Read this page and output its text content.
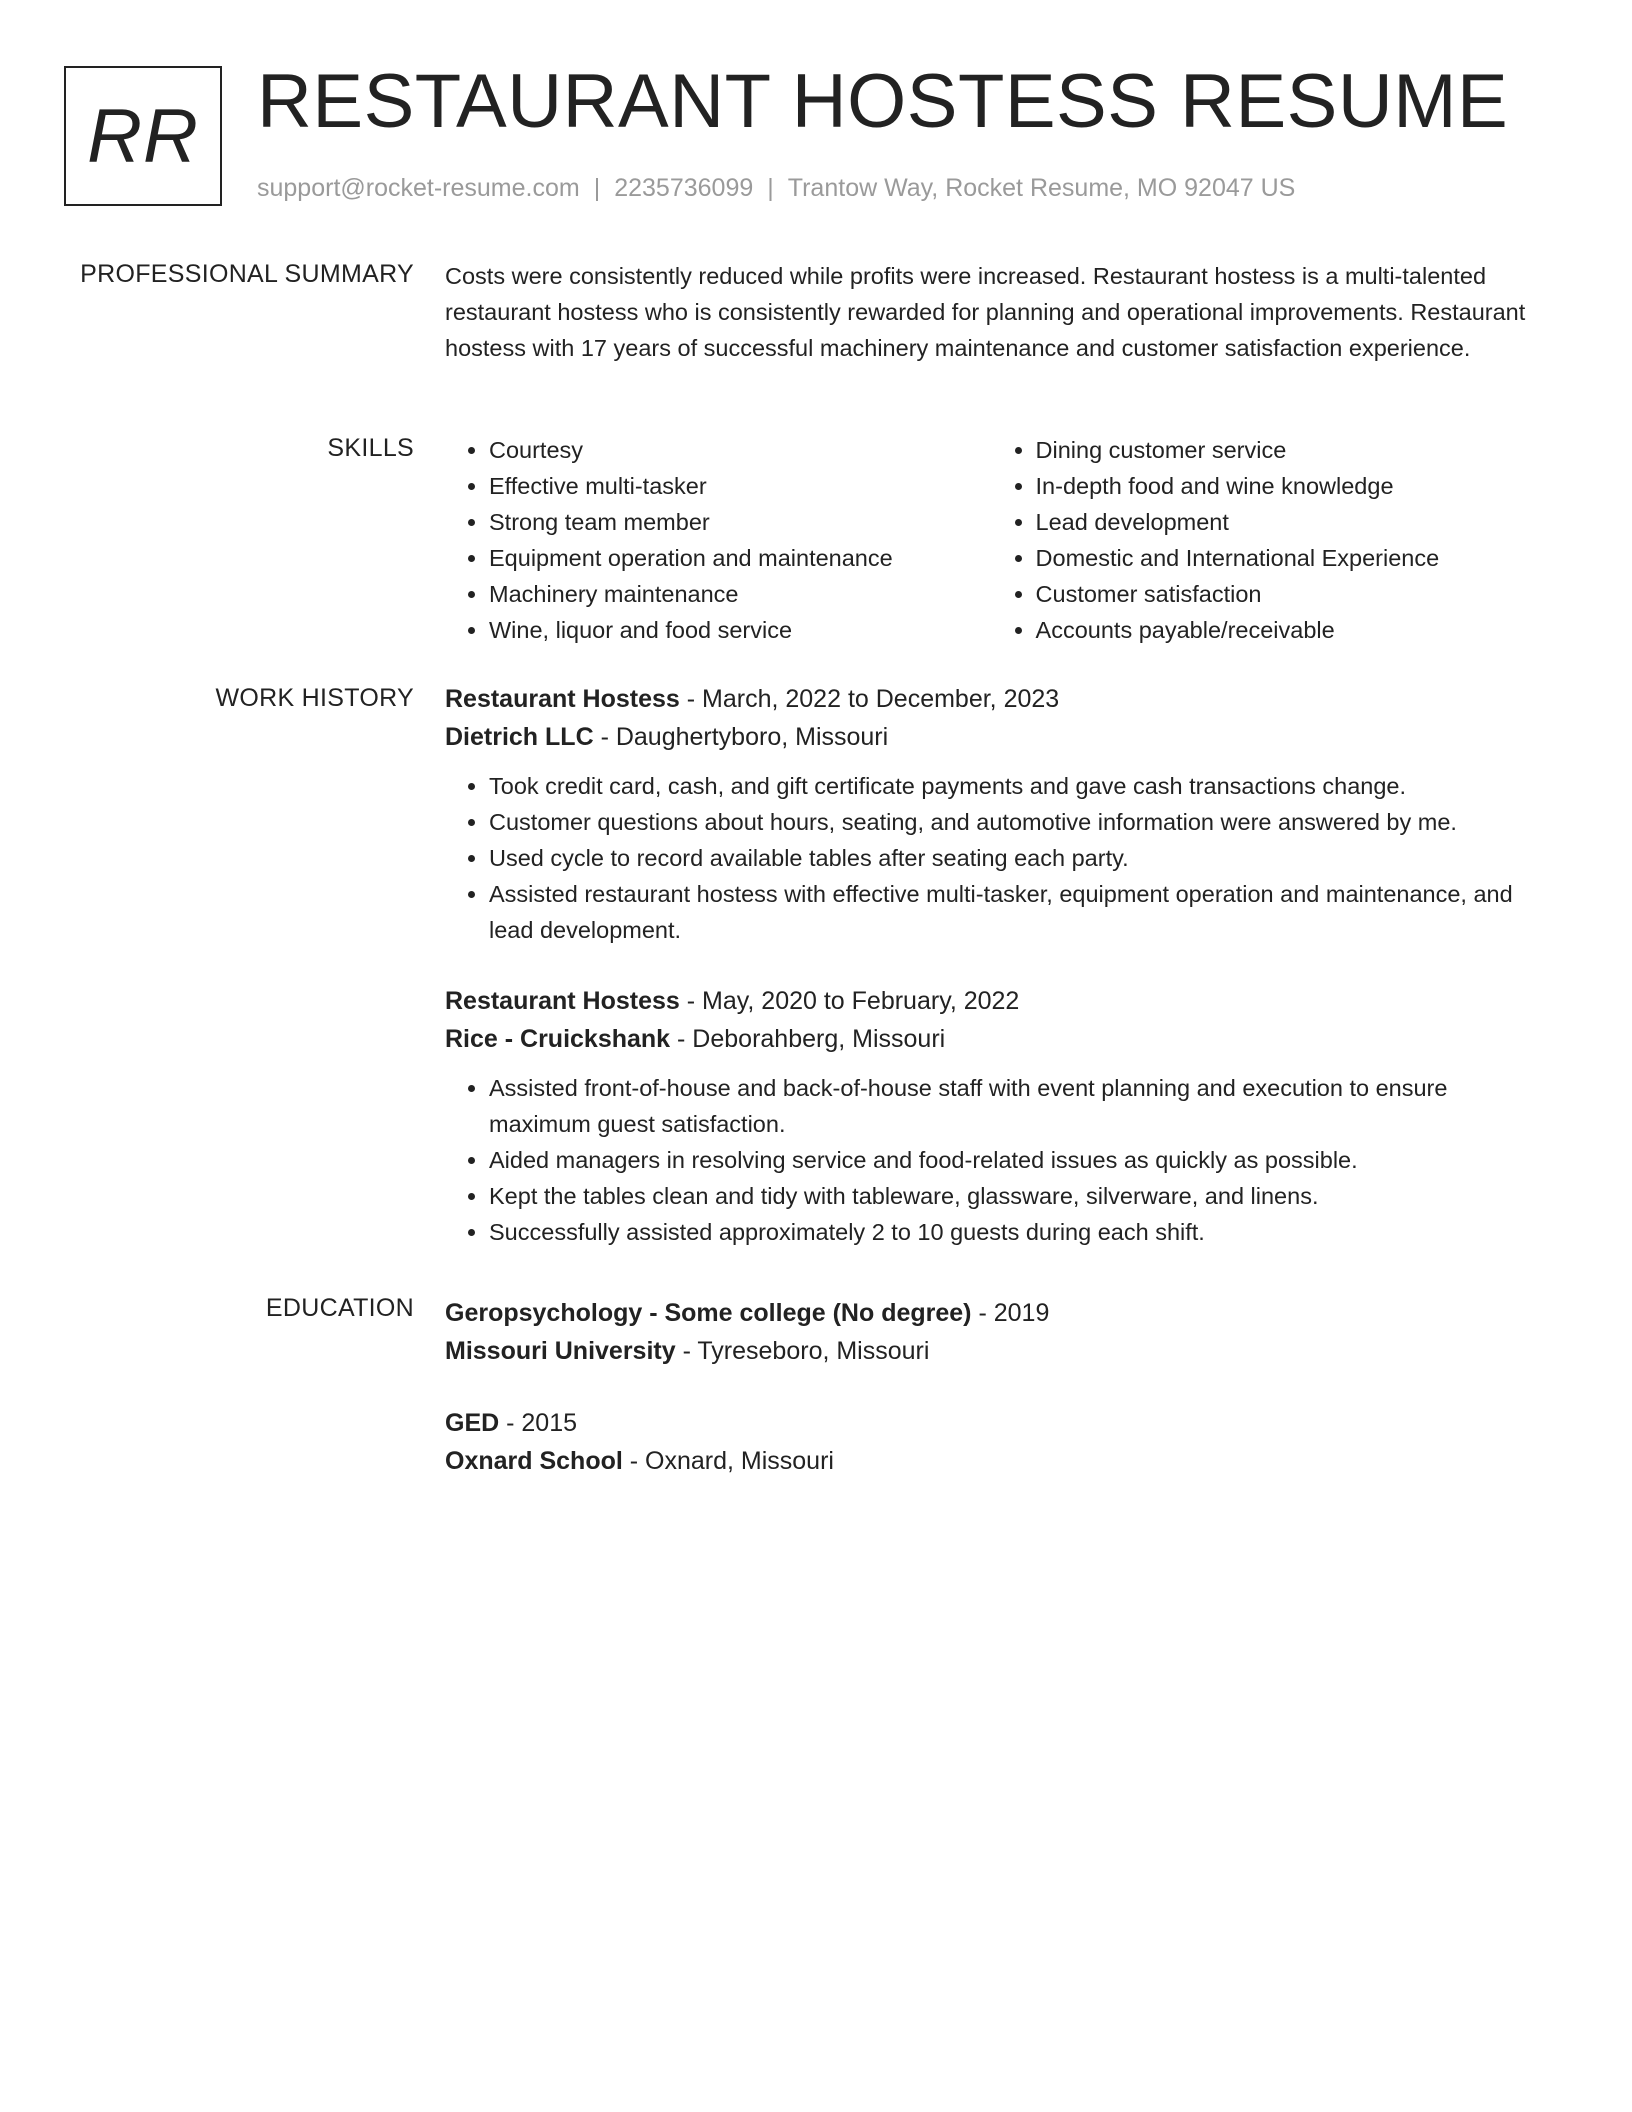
RR RESTAURANT HOSTESS RESUME
support@rocket-resume.com | 2235736099 | Trantow Way, Rocket Resume, MO 92047 US
PROFESSIONAL SUMMARY Costs were consistently reduced while profits were increased. Restaurant hostess is a multi-talented restaurant hostess who is consistently rewarded for planning and operational improvements. Restaurant hostess with 17 years of successful machinery maintenance and customer satisfaction experience.

SKILLS
•	Courtesy
• Effective multi-tasker
• Strong team member
• Equipment operation and maintenance
• Machinery maintenance
• Wine, liquor and food service
• Dining customer service
• In-depth food and wine knowledge
• Lead development
• Domestic and International Experience
• Customer satisfaction
• Accounts payable/receivable
WORK HISTORY Restaurant Hostess - March, 2022 to December, 2023
Dietrich LLC - Daughertyboro, Missouri
• Took credit card, cash, and gift certificate payments and gave cash transactions change.
• Customer questions about hours, seating, and automotive information were answered by me.
• Used cycle to record available tables after seating each party.
• Assisted restaurant hostess with effective multi-tasker, equipment operation and maintenance, and lead development.
Restaurant Hostess - May, 2020 to February, 2022
Rice - Cruickshank - Deborahberg, Missouri
• Assisted front-of-house and back-of-house staff with event planning and execution to ensure maximum guest satisfaction.
• Aided managers in resolving service and food-related issues as quickly as possible.
• Kept the tables clean and tidy with tableware, glassware, silverware, and linens.
• Successfully assisted approximately 2 to 10 guests during each shift.
EDUCATION Geropsychology - Some college (No degree) - 2019
Missouri University - Tyreseboro, Missouri
GED - 2015
Oxnard School - Oxnard, Missouri
